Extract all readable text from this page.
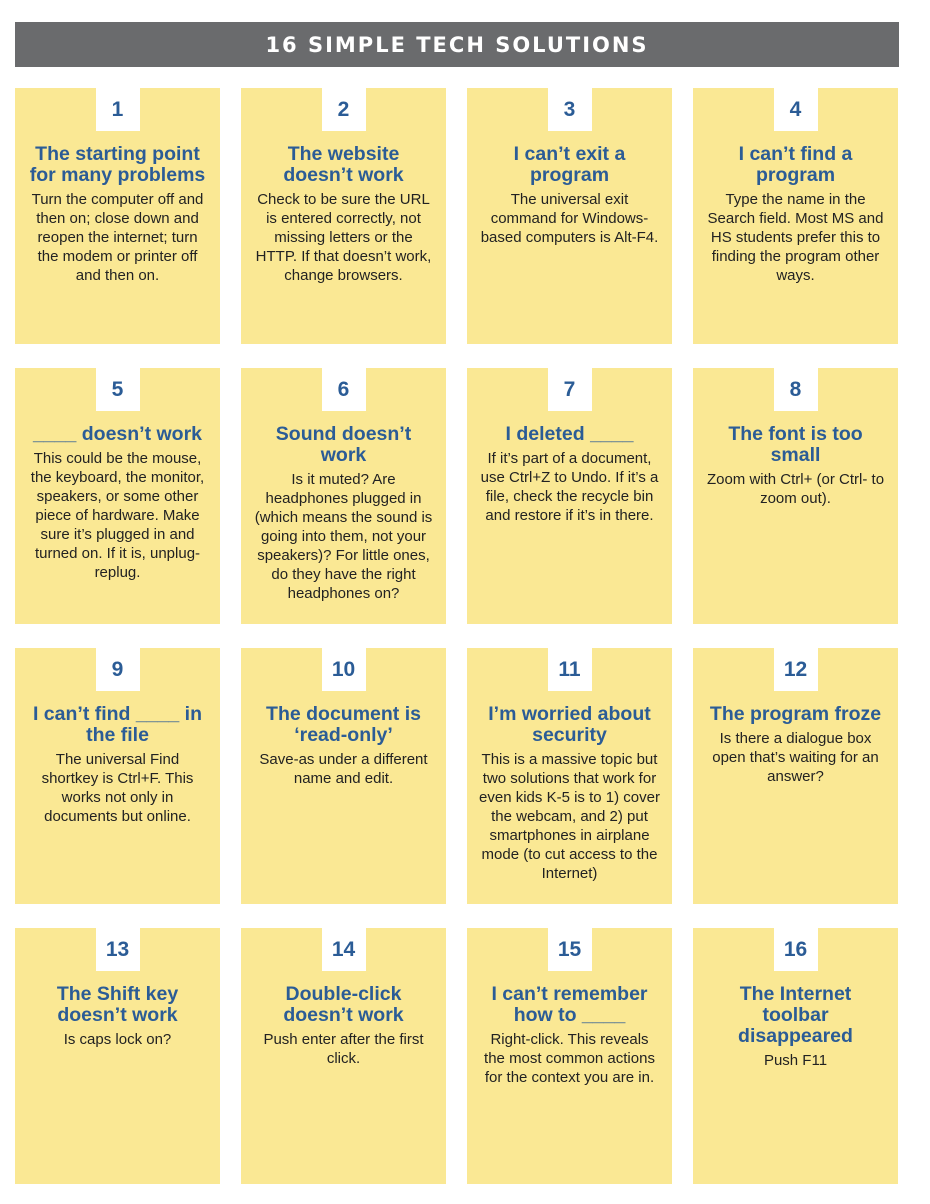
16 SIMPLE TECH SOLUTIONS
1
The starting point for many problems

Turn the computer off and then on; close down and reopen the internet; turn the modem or printer off and then on.

2
The website doesn’t work

Check to be sure the URL is entered correctly, not missing letters or the HTTP. If that doesn’t work, change browsers.

3
I can’t exit a program

The universal exit command for Windows-based computers is Alt-F4.

4
I can’t find a program

Type the name in the Search field. Most MS and HS students prefer this to finding the program other ways.

5
____ doesn’t work

This could be the mouse, the keyboard, the monitor, speakers, or some other piece of hardware. Make sure it’s plugged in and turned on. If it is, unplug-replug.

6
Sound doesn’t work

Is it muted? Are headphones plugged in (which means the sound is going into them, not your speakers)? For little ones, do they have the right headphones on?

7
I deleted ____

If it’s part of a document, use Ctrl+Z to Undo. If it’s a file, check the recycle bin and restore if it’s in there.

8
The font is too small

Zoom with Ctrl+ (or Ctrl- to zoom out).

9
I can’t find ____ in the file

The universal Find shortkey is Ctrl+F. This works not only in documents but online.

10
The document is ‘read-only’

Save-as under a different name and edit.

11
I’m worried about security

This is a massive topic but two solutions that work for even kids K-5 is to 1) cover the webcam, and 2) put smartphones in airplane mode (to cut access to the Internet)

12
The program froze

Is there a dialogue box open that’s waiting for an answer?

13
The Shift key doesn’t work

Is caps lock on?

14
Double-click doesn’t work

Push enter after the first click.

15
I can’t remember how to ____

Right-click. This reveals the most common actions for the context you are in.

16
The Internet toolbar disappeared

Push F11
